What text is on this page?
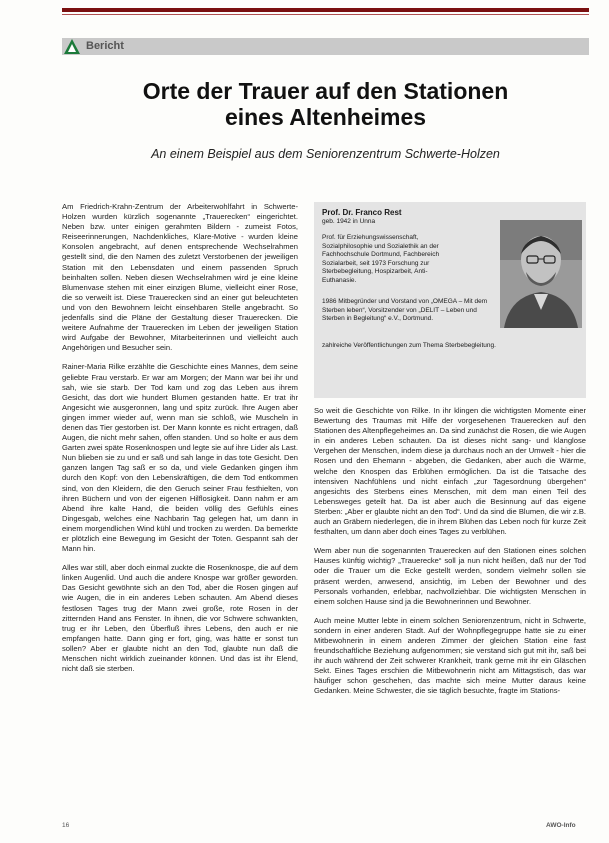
Bericht
Orte der Trauer auf den Stationen
eines Altenheimes
An einem Beispiel aus dem Seniorenzentrum Schwerte-Holzen

Am Friedrich-Krahn-Zentrum der Arbeiterwohlfahrt in Schwerte-Holzen wurden kürzlich sogenannte „Trauerecken“ eingerichtet. Neben bzw. unter einigen gerahmten Bildern - zumeist Fotos, Reiseerinnerungen, Nachdenkliches, Klare-Motive - wurden kleine Konsolen angebracht, auf denen entsprechende Wechselrahmen gestellt sind, die den Namen des zuletzt Verstorbenen der jeweiligen Station mit den Lebensdaten und einem passenden Spruch beinhalten sollen. Neben diesen Wechselrahmen wird je eine kleine Blumenvase stehen mit einer einzigen Blume, vielleicht einer Rose, die so verweilt ist. Diese Trauerecken sind an einer gut beleuchteten und von den Bewohnern leicht einsehbaren Stelle angebracht. So jedenfalls sind die Pläne der Gestaltung dieser Trauerecken. Die weitere Aufnahme der Trauerecken im Leben der jeweiligen Station wird Aufgabe der Bewohner, Mitarbeiterinnen und vielleicht auch Angehörigen und Besucher sein.

Rainer-Maria Rilke erzählte die Geschichte eines Mannes, dem seine geliebte Frau verstarb. Er war am Morgen; der Mann war bei ihr und sah, wie sie starb. Der Tod kam und zog das Leben aus ihrem Gesicht, das dort wie hundert Blumen gestanden hatte. Er trat ihr Angesicht wie ausgeronnen, lang und spitz zurück. Ihre Augen aber gingen immer wieder auf, wenn man sie schloß, wie Muscheln in denen das Tier gestorben ist. Der Mann konnte es nicht ertragen, daß Augen, die nicht mehr sahen, offen standen. Und so holte er aus dem Garten zwei späte Rosenknospen und legte sie auf ihre Lider als Last. Nun blieben sie zu und er saß und sah lange in das tote Gesicht. Den ganzen langen Tag saß er so da, und viele Gedanken gingen ihm durch den Kopf: von den Lebenskräftigen, die dem Tod entkommen sind, von den Kleidern, die den Geruch seiner Frau festhielten, von ihren Büchern und von der eigenen Hilflosigkeit. Dann nahm er am Abend ihre kalte Hand, die beiden völlig des Gefühls eines Dingesgab, welches eine Nachbarin Tag gelegen hat, um dann in einem morgendlichen Wind kühl und trocken zu werden. Da bemerkte er plötzlich eine Bewegung im Gesicht der Toten. Gespannt sah der Mann hin.

Alles war still, aber doch einmal zuckte die Rosenknospe, die auf dem linken Augenlid. Und auch die andere Knospe war größer geworden. Das Gesicht gewöhnte sich an den Tod, aber die Rosen gingen auf wie Augen, die in ein anderes Leben schauten. Am Abend dieses festlosen Tages trug der Mann zwei große, rote Rosen in der zitternden Hand ans Fenster. In ihnen, die vor Schwere schwankten, trug er ihr Leben, den Überfluß ihres Lebens, den auch er nie empfangen hatte. Dann ging er fort, ging, was hätte er sonst tun sollen? Aber er glaubte nicht an den Tod, glaubte nun daß die Menschen nicht wirklich zueinander können. Und das ist ihr Elend, nicht daß sie sterben.

Prof. Dr. Franco Rest
geb. 1942 in Unna
Prof. für Erziehungswissenschaft, Sozialphilosophie und Sozialethik an der Fachhochschule Dortmund, Fachbereich Sozialarbeit, seit 1973 Forschung zur Sterbebegleitung, Hospizarbeit, Anti-Euthanasie.
1986 Mitbegründer und Vorstand von „OMEGA – Mit dem Sterben leben“, Vorsitzender von „DELIT – Leben und Sterben in Begleitung“ e.V., Dortmund.
zahlreiche Veröffentlichungen zum Thema Sterbebegleitung.

So weit die Geschichte von Rilke. In ihr klingen die wichtigsten Momente einer Bewertung des Traumas mit Hilfe der vorgesehenen Trauerecken auf den Stationen des Altenpflegeheimes an. Da sind zunächst die Rosen, die wie Augen in ein anderes Leben schauten. Da ist dieses nicht sang- und klanglose Vergehen der Menschen, indem diese ja durchaus noch an der Umwelt - hier die Rosen und den Ehemann - abgeben, die Gedanken, aber auch die Wärme, welche den Knospen das Erblühen ermöglichen. Da ist die Tatsache des intensiven Nachfühlens und nicht einfach „zur Tagesordnung übergehen“ angesichts des Sterbens eines Menschen, mit dem man einen Teil des Lebensweges geteilt hat. Da ist aber auch die Besinnung auf das eigene Sterben: „Aber er glaubte nicht an den Tod“. Und da sind die Blumen, die wir z.B. auch an Gräbern niederlegen, die in ihrem Blühen das Leben noch für kurze Zeit festhalten, um dann aber doch eines Tages zu verblühen.

Wem aber nun die sogenannten Trauerecken auf den Stationen eines solchen Hauses künftig wichtig? „Trauerecke“ soll ja nun nicht heißen, daß nur der Tod oder die Trauer um die Ecke gestellt werden, sondern vielmehr sollen sie präsent werden, anwesend, ansichtig, im Leben der Bewohner und des Personals vorhanden, erlebbar, nachvollziehbar. Die wichtigsten Menschen in einem solchen Hause sind ja die Bewohnerinnen und Bewohner.

Auch meine Mutter lebte in einem solchen Seniorenzentrum, nicht in Schwerte, sondern in einer anderen Stadt. Auf der Wohnpflegegruppe hatte sie zu einer Mitbewohnerin in einem anderen Zimmer der gleichen Station eine fast freundschaftliche Beziehung aufgenommen; sie verstand sich gut mit ihr, saß bei ihr auch während der Zeit schwerer Krankheit, trank gerne mit ihr ein Gläschen Sekt. Eines Tages erschien die Mitbewohnerin nicht am Mittagstisch, das war häufiger schon geschehen, das machte sich meine Mutter daraus keine Gedanken. Meine Schwester, die sie täglich besuchte, fragte im Stations-

16	AWO-Info
